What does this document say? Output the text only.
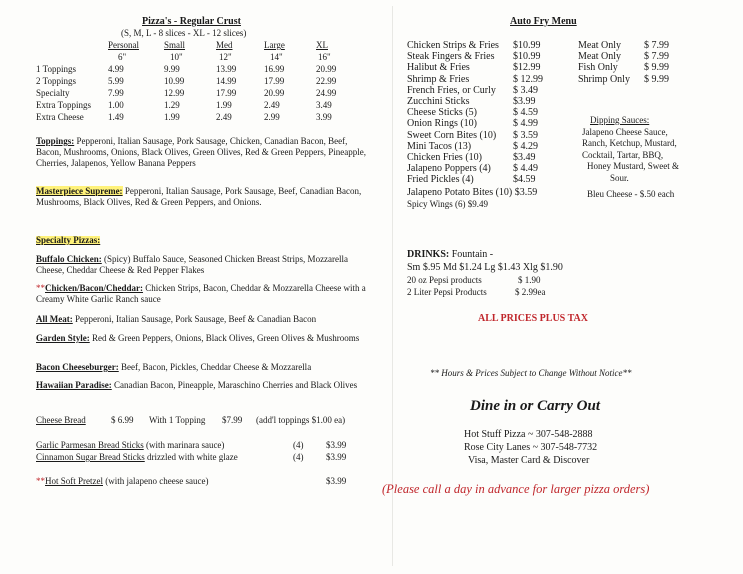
Pizza's - Regular Crust
(S, M, L - 8 slices - XL - 12 slices)
	Personal	Small	Med	Large	XL
	6"	10"	12"	14"	16"
1 Toppings	4.99	9.99	13.99	16.99	20.99
2 Toppings	5.99	10.99	14.99	17.99	22.99
Specialty	7.99	12.99	17.99	20.99	24.99
Extra Toppings	1.00	1.29	1.99	2.49	3.49
Extra Cheese	1.49	1.99	2.49	2.99	3.99
Toppings: Pepperoni, Italian Sausage, Pork Sausage, Chicken, Canadian Bacon, Beef, Bacon, Mushrooms, Onions, Black Olives, Green Olives, Red & Green Peppers, Pineapple, Cherries, Jalapenos, Yellow Banana Peppers
Masterpiece Supreme: Pepperoni, Italian Sausage, Pork Sausage, Beef, Canadian Bacon, Mushrooms, Black Olives, Red & Green Peppers, and Onions.
Specialty Pizzas:
Buffalo Chicken: (Spicy) Buffalo Sauce, Seasoned Chicken Breast Strips, Mozzarella Cheese, Cheddar Cheese & Red Pepper Flakes
**Chicken/Bacon/Cheddar: Chicken Strips, Bacon, Cheddar & Mozzarella Cheese with a Creamy White Garlic Ranch sauce
All Meat: Pepperoni, Italian Sausage, Pork Sausage, Beef & Canadian Bacon
Garden Style: Red & Green Peppers, Onions, Black Olives, Green Olives & Mushrooms
Bacon Cheeseburger: Beef, Bacon, Pickles, Cheddar Cheese & Mozzarella
Hawaiian Paradise: Canadian Bacon, Pineapple, Maraschino Cherries and Black Olives
Cheese Bread	$ 6.99 With 1 Topping $7.99 (add'l toppings $1.00 ea)
Garlic Parmesan Bread Sticks (with marinara sauce)	(4)	$3.99
Cinnamon Sugar Bread Sticks drizzled with white glaze	(4)	$3.99
**Hot Soft Pretzel (with jalapeno cheese sauce)	$3.99
Auto Fry Menu
Chicken Strips & Fries	$10.99
Steak Fingers & Fries	$10.99
Halibut & Fries	$12.99
Shrimp & Fries	$ 12.99
French Fries, or Curly	$ 3.49
Zucchini Sticks	$3.99
Cheese Sticks (5)	$ 4.59
Onion Rings (10)	$ 4.99
Sweet Corn Bites (10)	$ 3.59
Mini Tacos (13)	$ 4.29
Chicken Fries (10)	$3.49
Jalapeno Poppers (4)	$ 4.49
Fried Pickles (4)	$4.59
Jalapeno Potato Bites (10) $3.59
Spicy Wings (6) $9.49
Meat Only	$ 7.99
Meat Only	$ 7.99
Fish Only	$ 9.99
Shrimp Only	$ 9.99
Dipping Sauces:
Jalapeno Cheese Sauce,
Ranch, Ketchup, Mustard,
Cocktail, Tartar, BBQ,
Honey Mustard, Sweet &
Sour.
Bleu Cheese - $.50 each
DRINKS: Fountain -
Sm $.95 Md $1.24 Lg $1.43 Xlg $1.90
20 oz Pepsi products	$ 1.90
2 Liter Pepsi Products	$ 2.99ea
ALL PRICES PLUS TAX
** Hours & Prices Subject to Change Without Notice**
Dine in or Carry Out
Hot Stuff Pizza ~ 307-548-2888
Rose City Lanes ~ 307-548-7732
Visa, Master Card & Discover
(Please call a day in advance for larger pizza orders)
